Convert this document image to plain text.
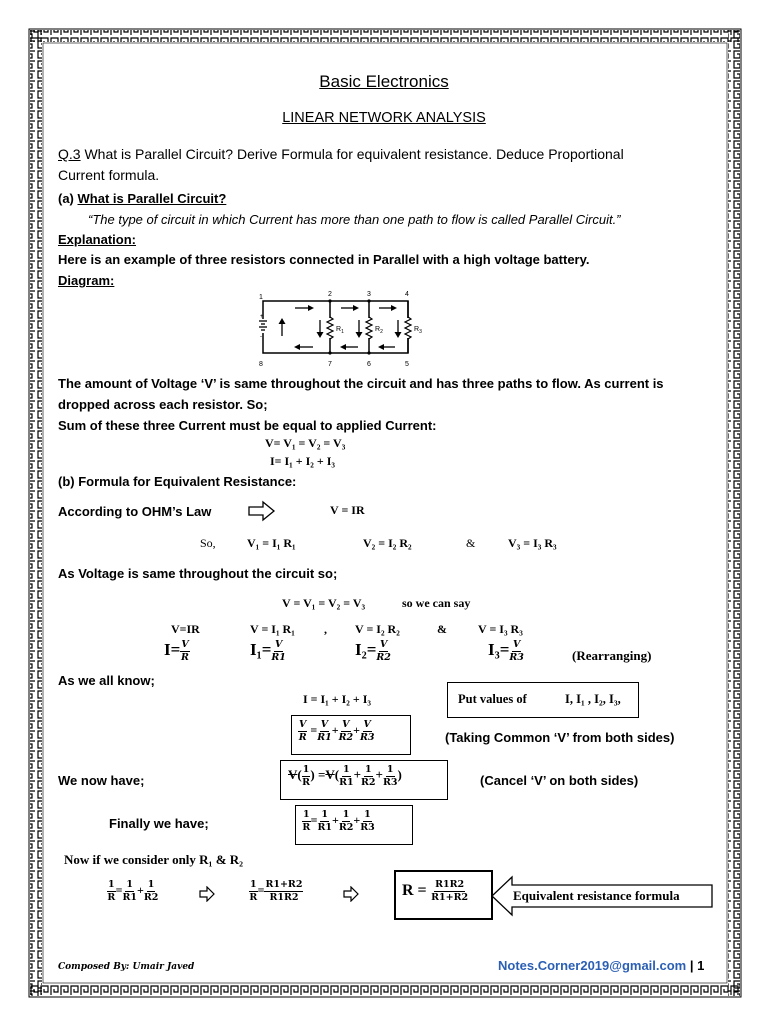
Basic Electronics
LINEAR NETWORK ANALYSIS
Q.3 What is Parallel Circuit? Derive Formula for equivalent resistance. Deduce Proportional
Current formula.
(a) What is Parallel Circuit?
“The type of circuit in which Current has more than one path to flow is called Parallel Circuit.”
Explanation:
Here is an example of three resistors connected in Parallel with a high voltage battery.
Diagram:
1	2	3	4
5
6
7
8
+
-
$R_1$	$R_2$	$R_3$
The amount of Voltage ‘V’ is same throughout the circuit and has three paths to flow. As current is
dropped across each resistor. So;
Sum of these three Current must be equal to applied Current:
V= V₁ = V₂ = V₃
I= I₁ + I₂ + I₃
(b) Formula for Equivalent Resistance:
According to OHM’s Law	V = IR
So,	V₁ = I₁ R₁	V₂ = I₂ R₂	&	V₃ = I₃ R₃
As Voltage is same throughout the circuit so;
V = V₁ = V₂ = V₃	so we can say
V=IR	V = I₁ R₁ , V = I₂ R₂	&	V = I₃ R₃
$I= \frac{V}{R}$	$I_1= \frac{V}{R1}$	$I_2= \frac{V}{R2}$	$I_3= \frac{V}{R3}$	(Rearranging)
As we all know;
I = I₁ + I₂ + I₃	Put values of	I, I₁ , I₂, I₃,
$\frac{V}{R} = \frac{V}{R1} + \frac{V}{R2} + \frac{V}{R3}$	(Taking Common ‘V’ from both sides)
We now have;	$V( \frac{1}{R}$ ) $=V( \frac{1}{R1} + \frac{1}{R2} + \frac{1}{R3}$ )	(Cancel ‘V’ on both sides)
Finally we have;	$\frac{1}{R} = \frac{1}{R1} + \frac{1}{R2} + \frac{1}{R3}$
Now if we consider only R₁ & R₂
$\frac{1}{R} = \frac{1}{R1} + \frac{1}{R2}$	$\frac{1}{R} = \frac{R1+R2}{R1R2}$	$R = \frac{R1R2}{R1+R2}$	Equivalent resistance formula
Composed By: Umair Javed	Notes.Corner2019@gmail.com | 1
